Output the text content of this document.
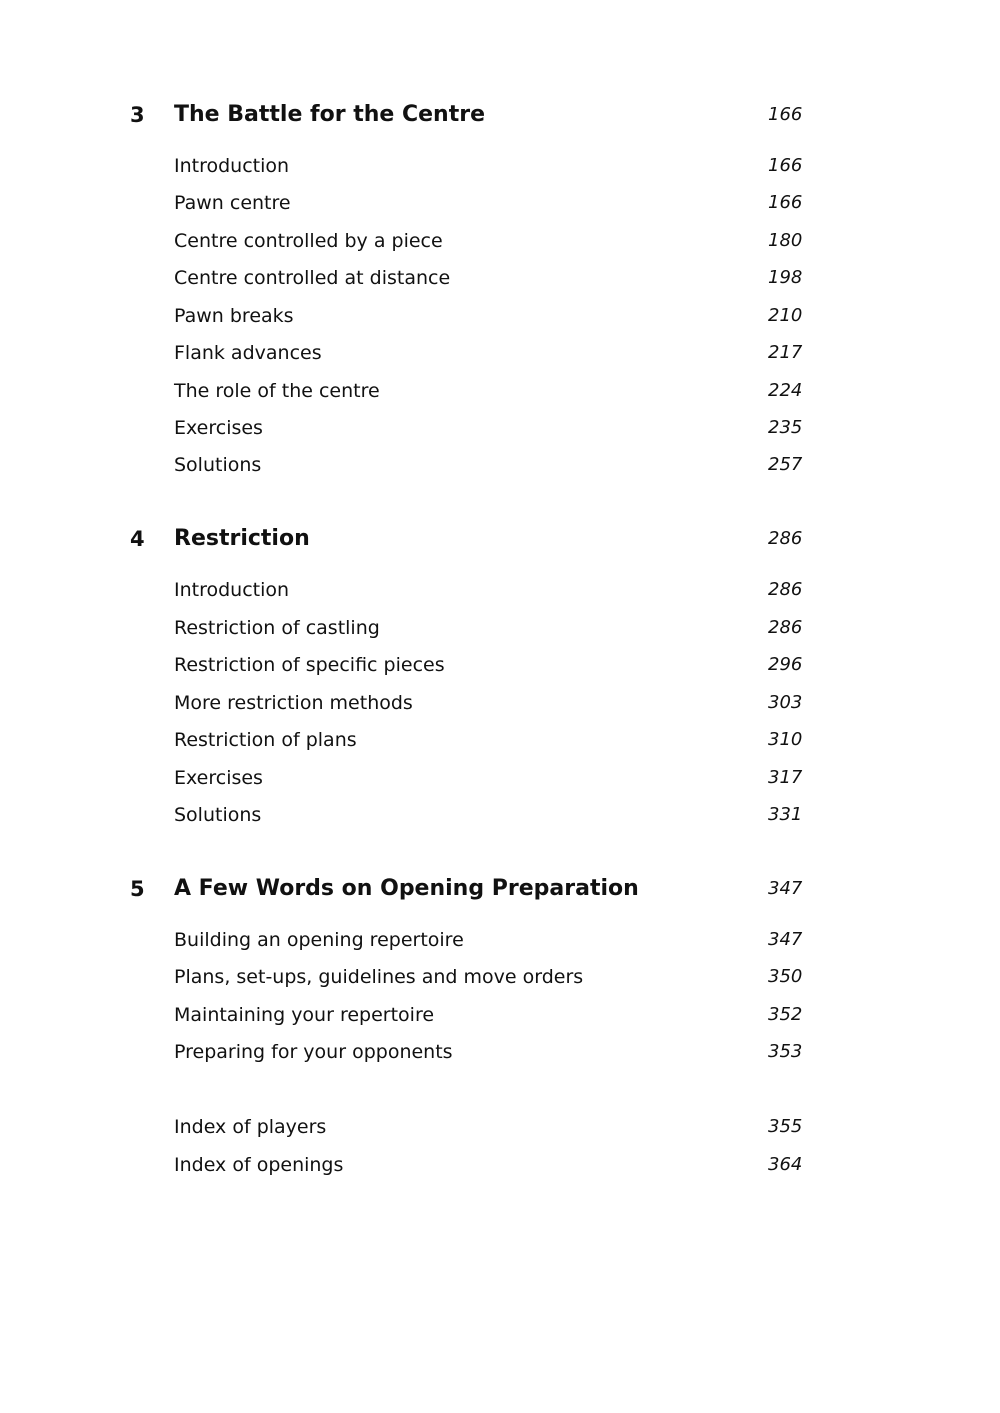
3 The Battle for the Centre	166
Introduction	166
Pawn centre	166
Centre controlled by a piece	180
Centre controlled at distance	198
Pawn breaks	210
Flank advances	217
The role of the centre	224
Exercises	235
Solutions	257
4 Restriction	286
Introduction	286
Restriction of castling	286
Restriction of specific pieces	296
More restriction methods	303
Restriction of plans	310
Exercises	317
Solutions	331
5 A Few Words on Opening Preparation	347
Building an opening repertoire	347
Plans, set-ups, guidelines and move orders	350
Maintaining your repertoire	352
Preparing for your opponents	353
Index of players	355
Index of openings	364
